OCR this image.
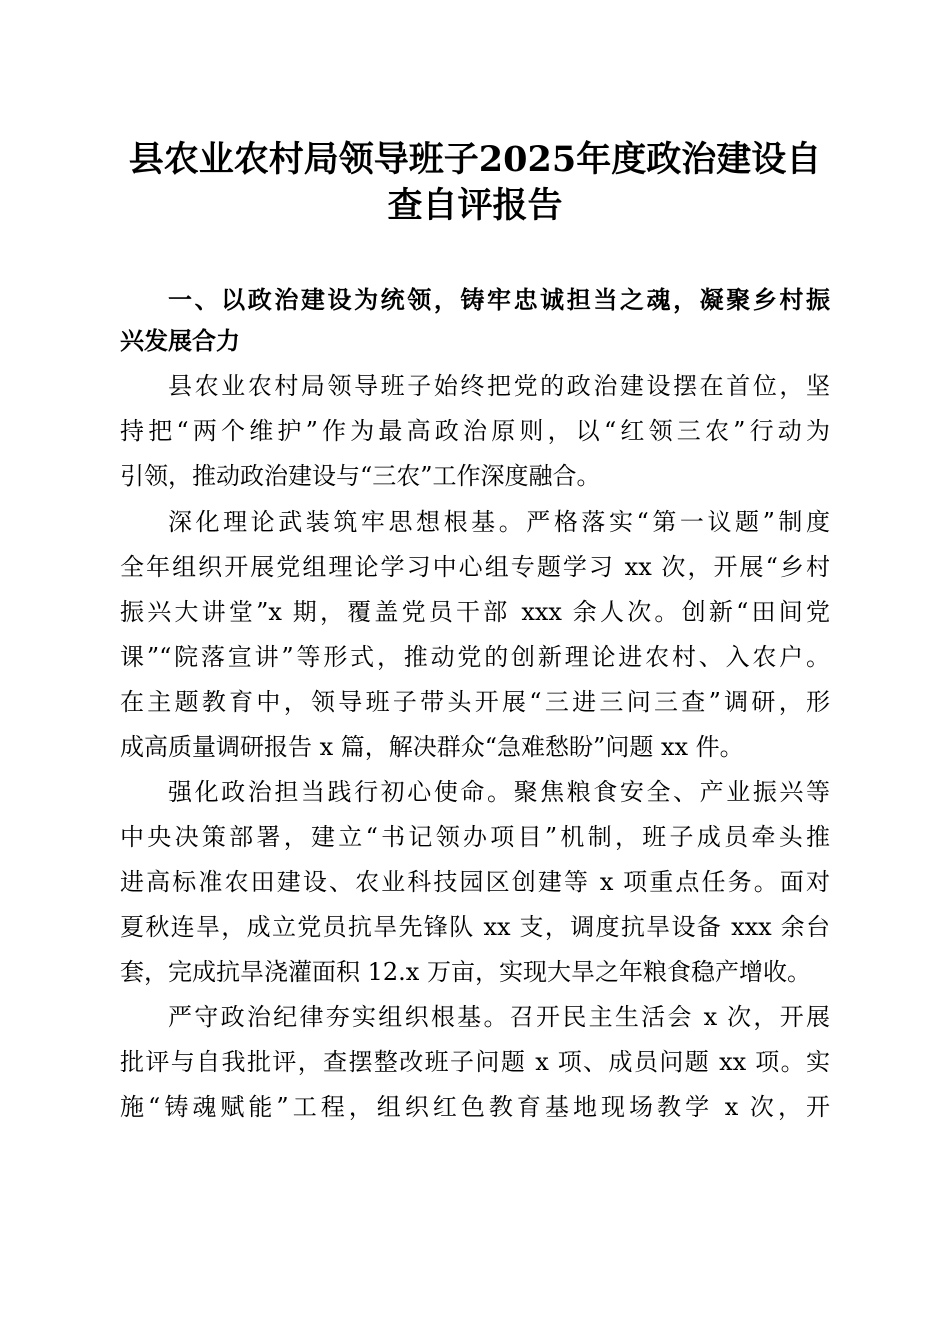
县农业农村局领导班子2025年度政治建设自
查自评报告
一、以政治建设为统领，铸牢忠诚担当之魂，凝聚乡村振
兴发展合力
县农业农村局领导班子始终把党的政治建设摆在首位，坚
持把“两个维护”作为最高政治原则，以“红领三农”行动为
引领，推动政治建设与“三农”工作深度融合。
深化理论武装筑牢思想根基。严格落实“第一议题”制度
全年组织开展党组理论学习中心组专题学习 xx 次，开展“乡村
振兴大讲堂”x 期，覆盖党员干部 xxx 余人次。创新“田间党
课”“院落宣讲”等形式，推动党的创新理论进农村、入农户。
在主题教育中，领导班子带头开展“三进三问三查”调研，形
成高质量调研报告 x 篇，解决群众“急难愁盼”问题 xx 件。
强化政治担当践行初心使命。聚焦粮食安全、产业振兴等
中央决策部署，建立“书记领办项目”机制，班子成员牵头推
进高标准农田建设、农业科技园区创建等 x 项重点任务。面对
夏秋连旱，成立党员抗旱先锋队 xx 支，调度抗旱设备 xxx 余台
套，完成抗旱浇灌面积 12.x 万亩，实现大旱之年粮食稳产增收。
严守政治纪律夯实组织根基。召开民主生活会 x 次，开展
批评与自我批评，查摆整改班子问题 x 项、成员问题 xx 项。实
施“铸魂赋能”工程，组织红色教育基地现场教学 x 次，开
